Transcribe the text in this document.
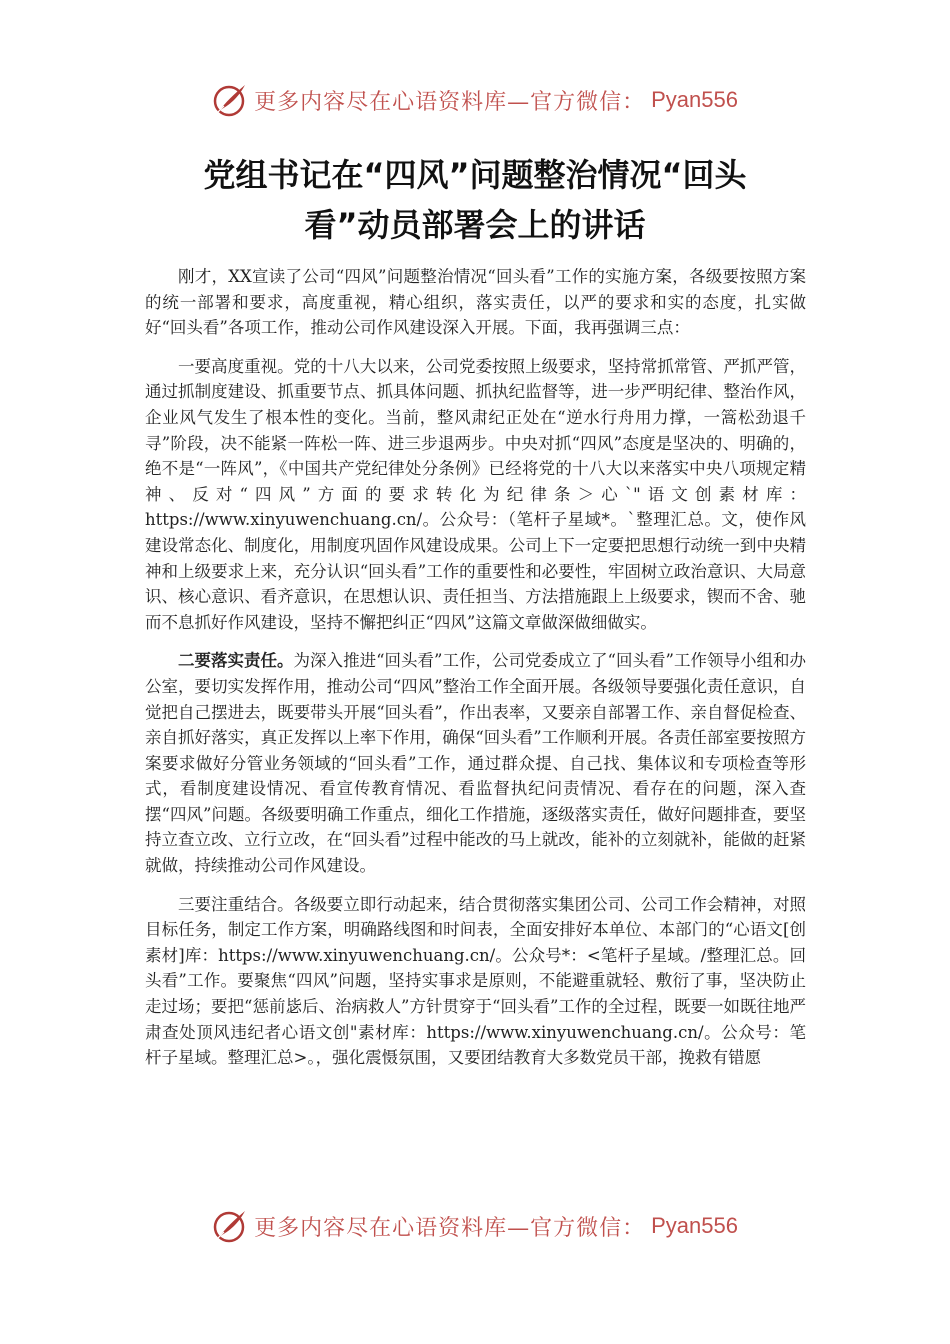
更多内容尽在心语资料库—官方微信： Pyan556
党组书记在“四风”问题整治情况“回头
看”动员部署会上的讲话

刚才，XX宣读了公司“四风”问题整治情况“回头看”工作的实施方案，各级要按照方案的统一部署和要求，高度重视，精心组织，落实责任，以严的要求和实的态度，扎实做好“回头看”各项工作，推动公司作风建设深入开展。下面，我再强调三点：

一要高度重视。党的十八大以来，公司党委按照上级要求，坚持常抓常管、严抓严管，通过抓制度建设、抓重要节点、抓具体问题、抓执纪监督等，进一步严明纪律、整治作风，企业风气发生了根本性的变化。当前，整风肃纪正处在“逆水行舟用力撑，一篙松劲退千寻”阶段，决不能紧一阵松一阵、进三步退两步。中央对抓“四风”态度是坚决的、明确的，绝不是“一阵风”，《中国共产党纪律处分条例》已经将党的十八大以来落实中央八项规定精神、反对“四风”方面的要求转化为纪律条＞心`"语文创素材库：https://www.xinyuwenchuang.cn/。公众号：（笔杆子星域*。`整理汇总。文，使作风建设常态化、制度化，用制度巩固作风建设成果。公司上下一定要把思想行动统一到中央精神和上级要求上来，充分认识“回头看”工作的重要性和必要性，牢固树立政治意识、大局意识、核心意识、看齐意识，在思想认识、责任担当、方法措施跟上上级要求，锲而不舍、驰而不息抓好作风建设，坚持不懈把纠正“四风”这篇文章做深做细做实。

二要落实责任。为深入推进“回头看”工作，公司党委成立了“回头看”工作领导小组和办公室，要切实发挥作用，推动公司“四风”整治工作全面开展。各级领导要强化责任意识，自觉把自己摆进去，既要带头开展“回头看”，作出表率，又要亲自部署工作、亲自督促检查、亲自抓好落实，真正发挥以上率下作用，确保“回头看”工作顺利开展。各责任部室要按照方案要求做好分管业务领域的“回头看”工作，通过群众提、自己找、集体议和专项检查等形式，看制度建设情况、看宣传教育情况、看监督执纪问责情况、看存在的问题，深入查摆“四风”问题。各级要明确工作重点，细化工作措施，逐级落实责任，做好问题排查，要坚持立查立改、立行立改，在“回头看”过程中能改的马上就改，能补的立刻就补，能做的赶紧就做，持续推动公司作风建设。

三要注重结合。各级要立即行动起来，结合贯彻落实集团公司、公司工作会精神，对照目标任务，制定工作方案，明确路线图和时间表，全面安排好本单位、本部门的“心语文[创素材]库：https://www.xinyuwenchuang.cn/。公众号*：<笔杆子星域。/整理汇总。回头看”工作。要聚焦“四风”问题，坚持实事求是原则，不能避重就轻、敷衍了事，坚决防止走过场；要把“惩前毖后、治病救人”方针贯穿于“回头看”工作的全过程，既要一如既往地严肃查处顶风违纪者心语文创"素材库：https://www.xinyuwenchuang.cn/。公众号：笔杆子星域。整理汇总>。，强化震慑氛围，又要团结教育大多数党员干部，挽救有错愿

更多内容尽在心语资料库—官方微信： Pyan556
